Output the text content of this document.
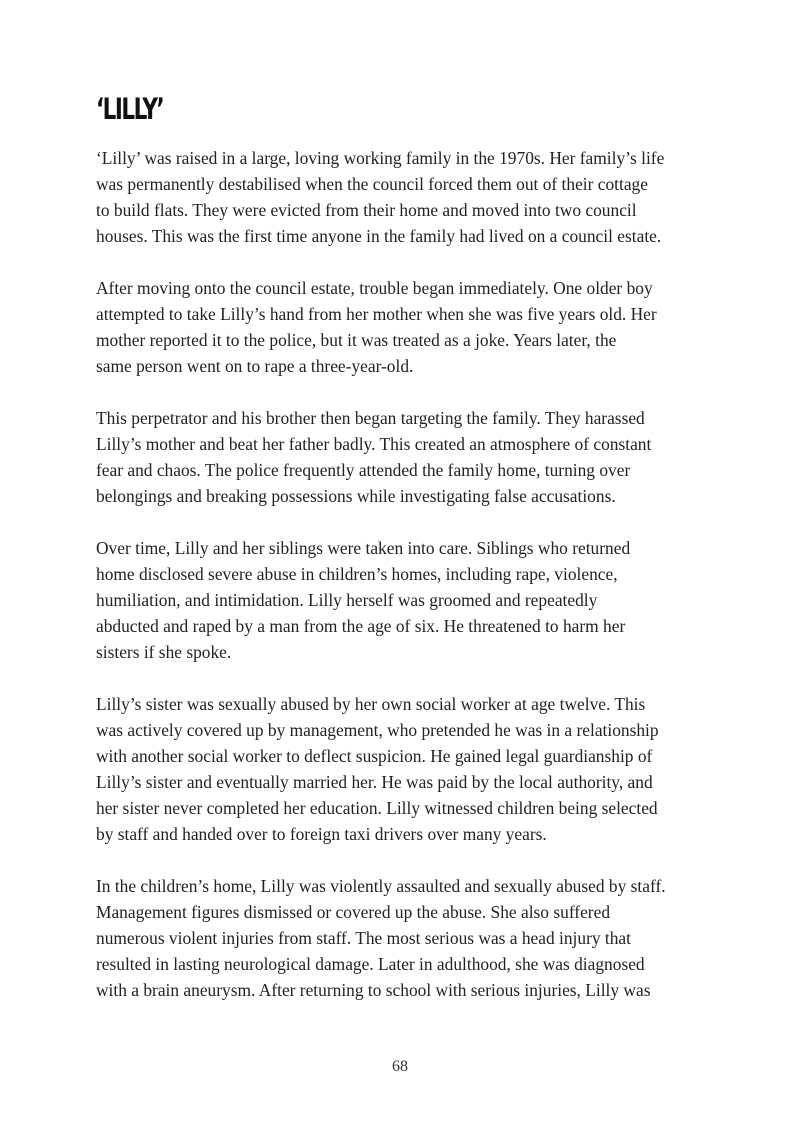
‘LILLY’

‘Lilly’ was raised in a large, loving working family in the 1970s. Her family’s life
was permanently destabilised when the council forced them out of their cottage
to build flats. They were evicted from their home and moved into two council
houses. This was the first time anyone in the family had lived on a council estate.

After moving onto the council estate, trouble began immediately. One older boy
attempted to take Lilly’s hand from her mother when she was five years old. Her
mother reported it to the police, but it was treated as a joke. Years later, the
same person went on to rape a three-year-old.

This perpetrator and his brother then began targeting the family. They harassed
Lilly’s mother and beat her father badly. This created an atmosphere of constant
fear and chaos. The police frequently attended the family home, turning over
belongings and breaking possessions while investigating false accusations.

Over time, Lilly and her siblings were taken into care. Siblings who returned
home disclosed severe abuse in children’s homes, including rape, violence,
humiliation, and intimidation. Lilly herself was groomed and repeatedly
abducted and raped by a man from the age of six. He threatened to harm her
sisters if she spoke.

Lilly’s sister was sexually abused by her own social worker at age twelve. This
was actively covered up by management, who pretended he was in a relationship
with another social worker to deflect suspicion. He gained legal guardianship of
Lilly’s sister and eventually married her. He was paid by the local authority, and
her sister never completed her education. Lilly witnessed children being selected
by staff and handed over to foreign taxi drivers over many years.

In the children’s home, Lilly was violently assaulted and sexually abused by staff.
Management figures dismissed or covered up the abuse. She also suffered
numerous violent injuries from staff. The most serious was a head injury that
resulted in lasting neurological damage. Later in adulthood, she was diagnosed
with a brain aneurysm. After returning to school with serious injuries, Lilly was

68
